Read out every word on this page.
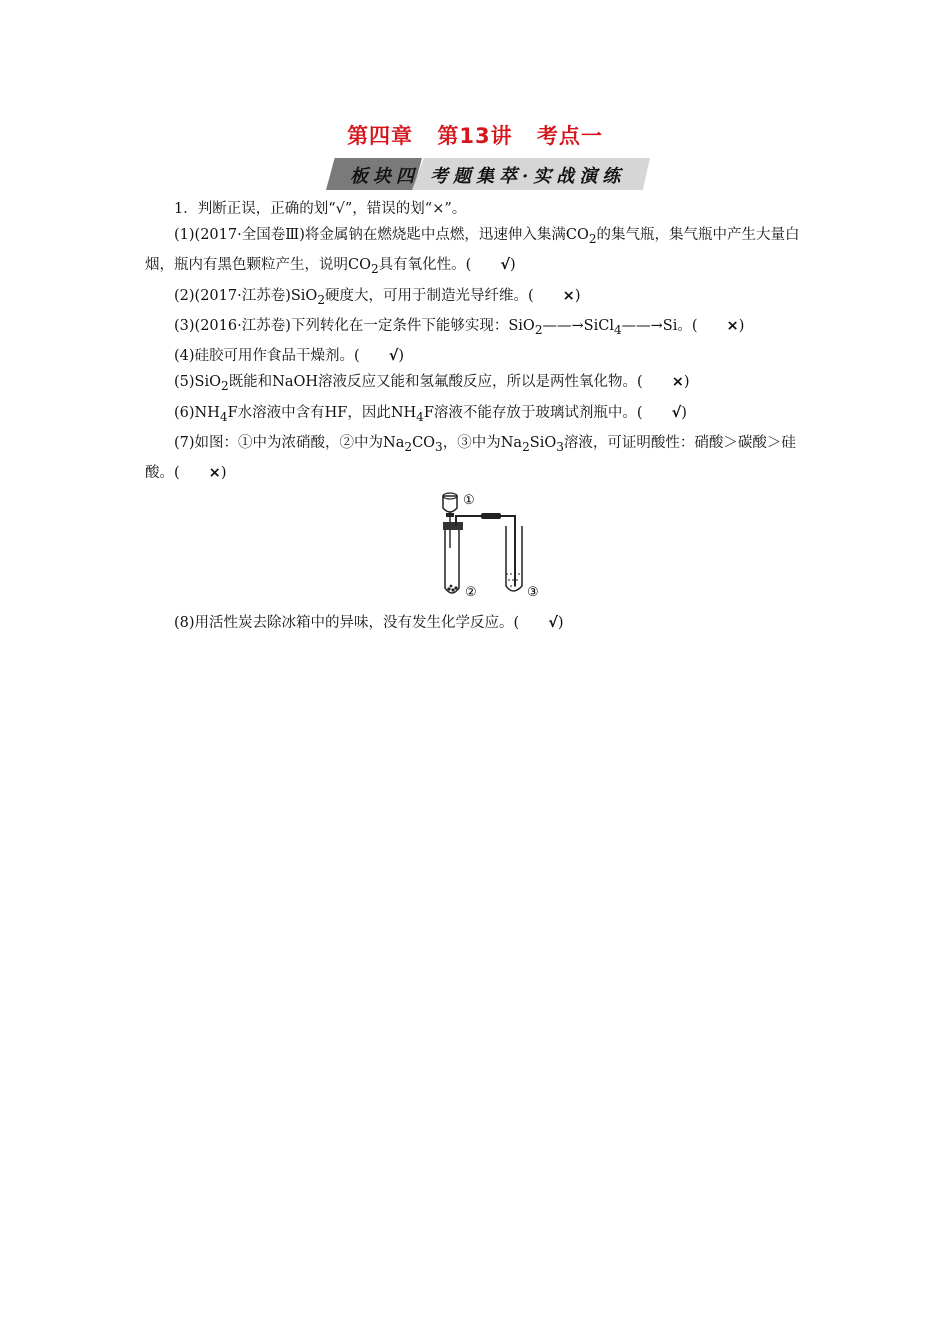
第四章 第13讲 考点一
板块四 考题集萃·实战演练

1．判断正误，正确的划“√”，错误的划“×”。

(1)(2017·全国卷Ⅲ)将金属钠在燃烧匙中点燃，迅速伸入集满$CO_2$的集气瓶，集气瓶中产生大量白烟，瓶内有黑色颗粒产生，说明$CO_2$具有氧化性。( √)

(2)(2017·江苏卷)SiO$_2$硬度大，可用于制造光导纤维。( ×)

(3)(2016·江苏卷)下列转化在一定条件下能够实现：SiO$_2$——→SiCl$_4$——→Si。( ×)

(4)硅胶可用作食品干燥剂。( √)

(5)SiO$_2$既能和NaOH溶液反应又能和氢氟酸反应，所以是两性氧化物。( ×)

$(6)NH_4F$水溶液中含有HF，因此$NH_4F$溶液不能存放于玻璃试剂瓶中。( √)

(7)如图：①中为浓硝酸，②中为$Na_2CO_3$，③中为$Na_2SiO_3$溶液，可证明酸性：硝酸＞碳酸＞硅酸。( ×)

①
②	③

(8)用活性炭去除冰箱中的异味，没有发生化学反应。( √)
